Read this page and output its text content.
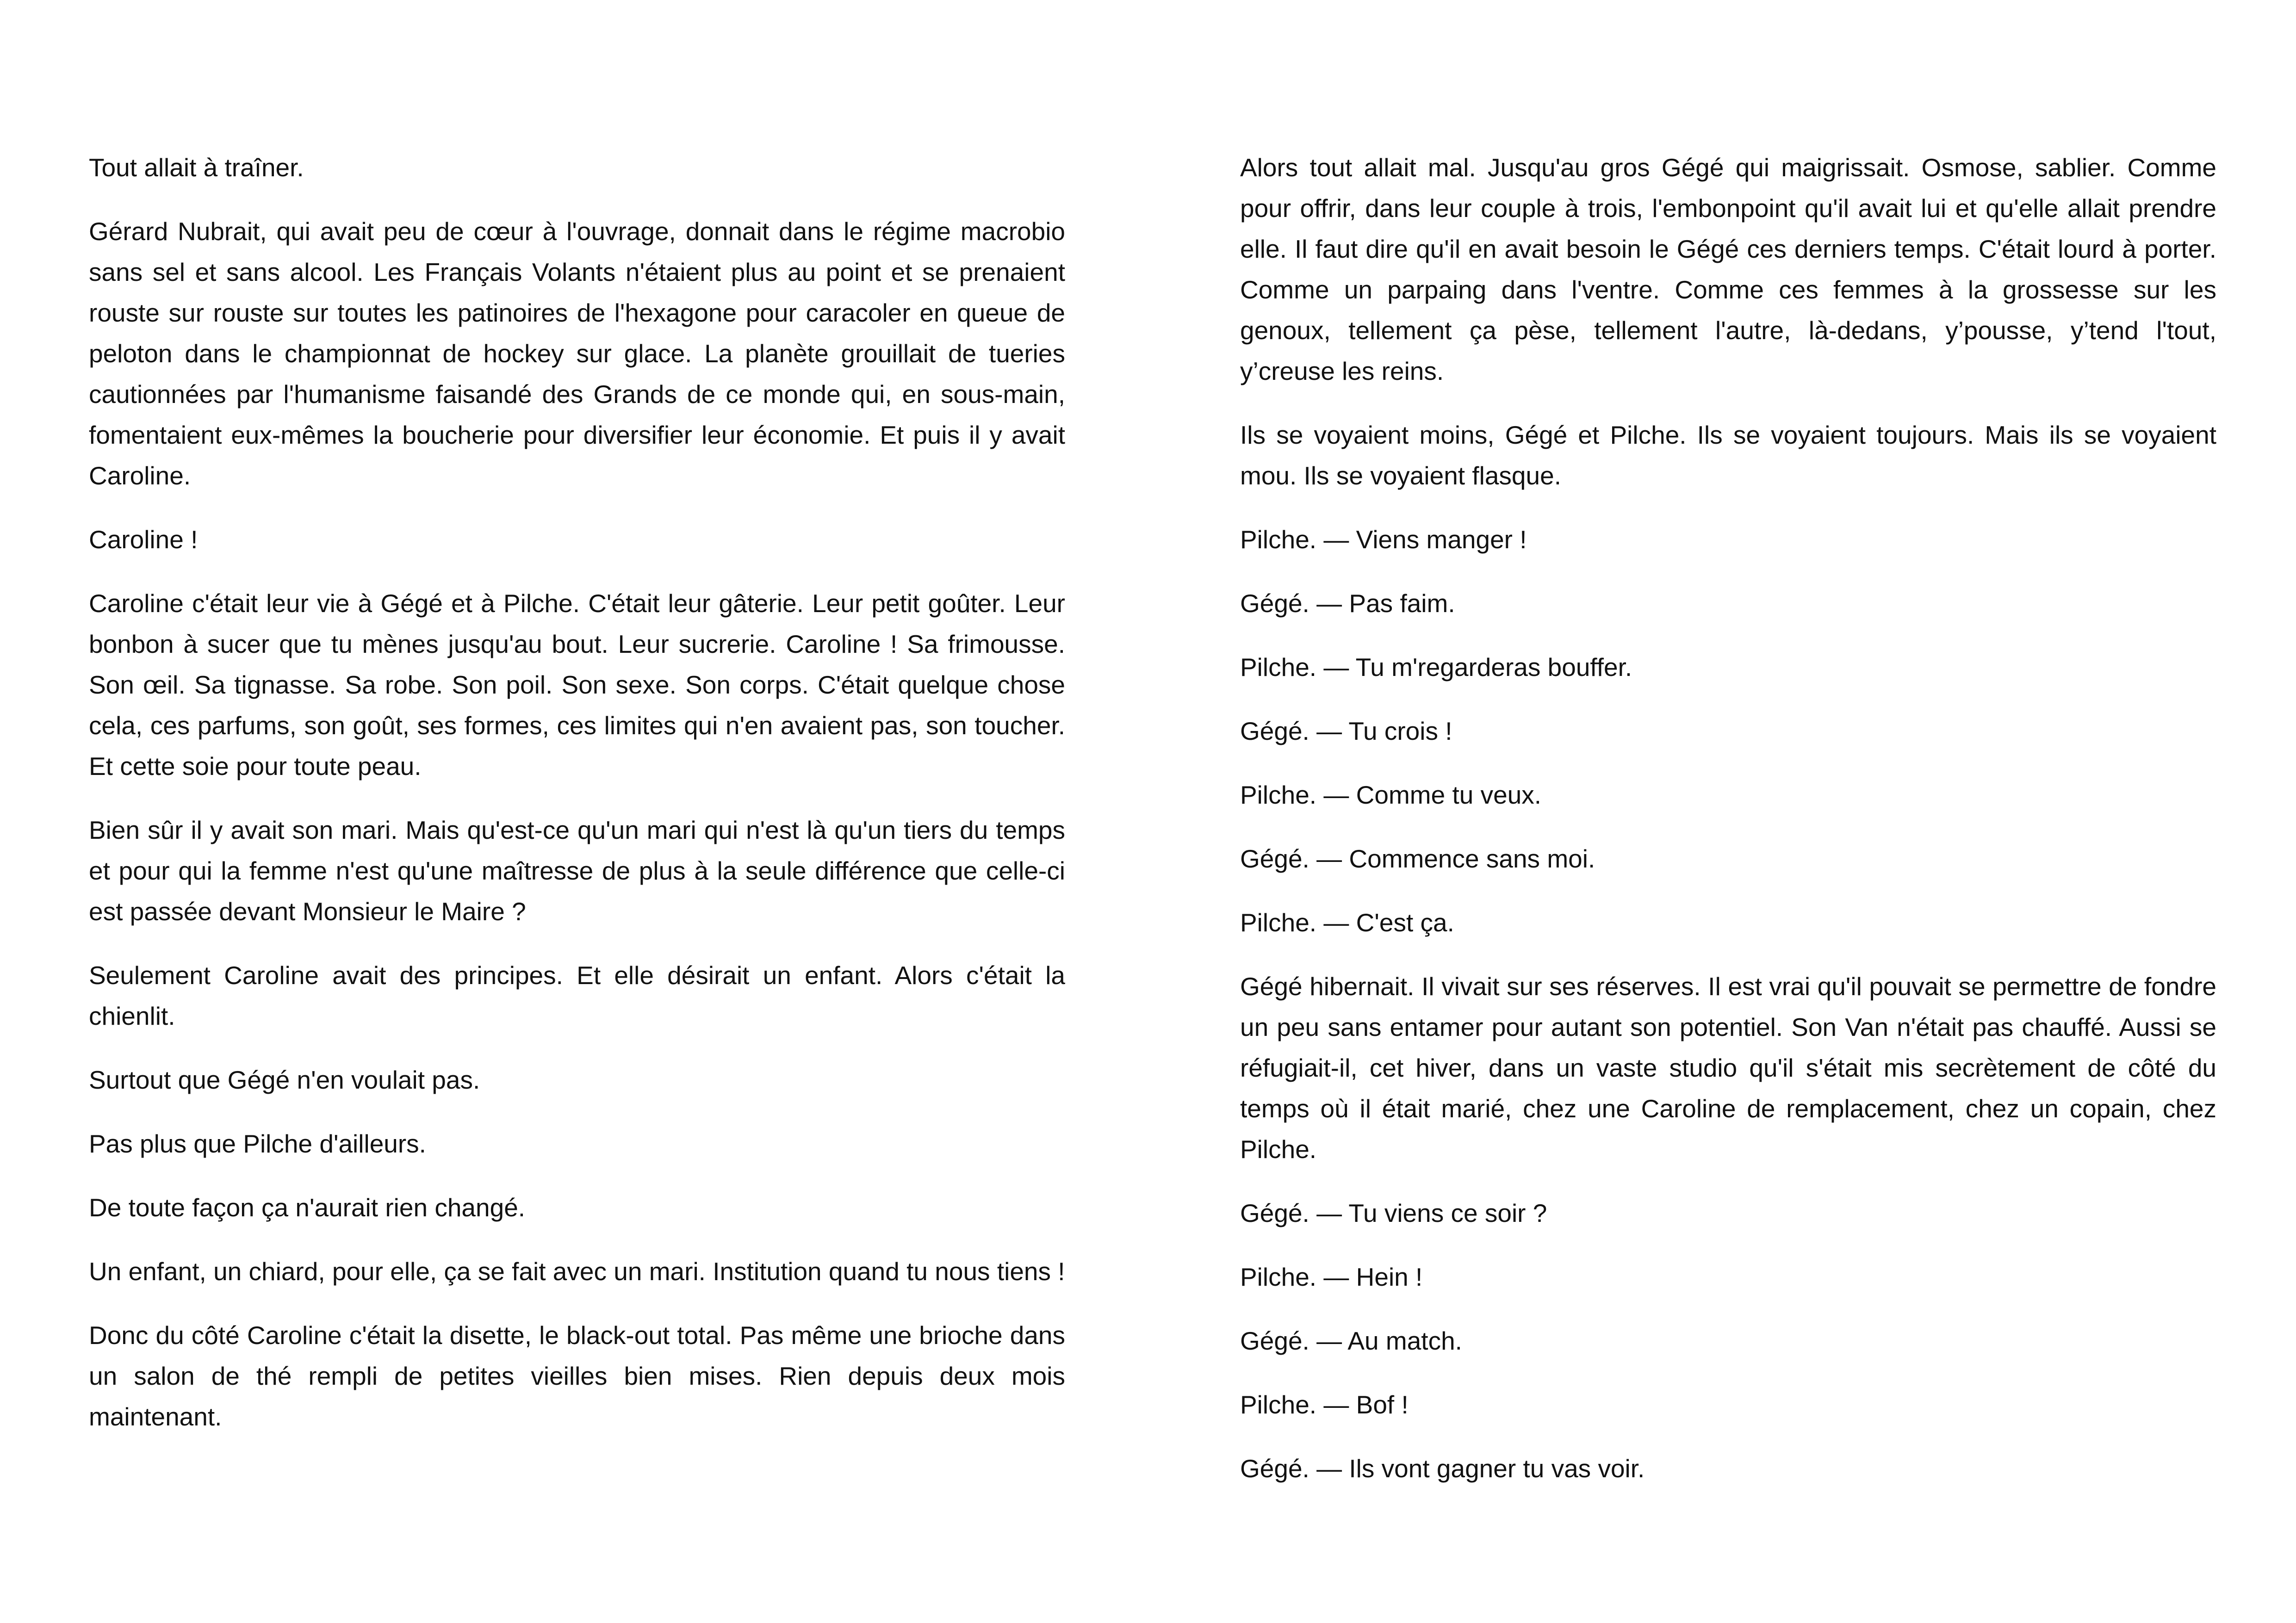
Tout allait à traîner.

Gérard Nubrait, qui avait peu de cœur à l'ouvrage, donnait dans le régime macrobio sans sel et sans alcool. Les Français Volants n'étaient plus au point et se prenaient rouste sur rouste sur toutes les patinoires de l'hexagone pour caracoler en queue de peloton dans le championnat de hockey sur glace. La planète grouillait de tueries cautionnées par l'humanisme faisandé des Grands de ce monde qui, en sous-main, fomentaient eux-mêmes la boucherie pour diversifier leur économie. Et puis il y avait Caroline.

Caroline !

Caroline c'était leur vie à Gégé et à Pilche. C'était leur gâterie. Leur petit goûter. Leur bonbon à sucer que tu mènes jusqu'au bout. Leur sucrerie. Caroline ! Sa frimousse. Son œil. Sa tignasse. Sa robe. Son poil. Son sexe. Son corps. C'était quelque chose cela, ces parfums, son goût, ses formes, ces limites qui n'en avaient pas, son toucher. Et cette soie pour toute peau.

Bien sûr il y avait son mari. Mais qu'est-ce qu'un mari qui n'est là qu'un tiers du temps et pour qui la femme n'est qu'une maîtresse de plus à la seule différence que celle-ci est passée devant Monsieur le Maire ?

Seulement Caroline avait des principes. Et elle désirait un enfant. Alors c'était la chienlit.

Surtout que Gégé n'en voulait pas.

Pas plus que Pilche d'ailleurs.

De toute façon ça n'aurait rien changé.

Un enfant, un chiard, pour elle, ça se fait avec un mari. Institution quand tu nous tiens !

Donc du côté Caroline c'était la disette, le black-out total. Pas même une brioche dans un salon de thé rempli de petites vieilles bien mises. Rien depuis deux mois maintenant.

Alors tout allait mal. Jusqu'au gros Gégé qui maigrissait. Osmose, sablier. Comme pour offrir, dans leur couple à trois, l'embonpoint qu'il avait lui et qu'elle allait prendre elle. Il faut dire qu'il en avait besoin le Gégé ces derniers temps. C'était lourd à porter. Comme un parpaing dans l'ventre. Comme ces femmes à la grossesse sur les genoux, tellement ça pèse, tellement l'autre, là-dedans, y’pousse, y’tend l'tout, y’creuse les reins.

Ils se voyaient moins, Gégé et Pilche. Ils se voyaient toujours. Mais ils se voyaient mou. Ils se voyaient flasque.

Pilche. — Viens manger !

Gégé. — Pas faim.

Pilche. — Tu m'regarderas bouffer.

Gégé. — Tu crois !

Pilche. — Comme tu veux.

Gégé. — Commence sans moi.

Pilche. — C'est ça.

Gégé hibernait. Il vivait sur ses réserves. Il est vrai qu'il pouvait se permettre de fondre un peu sans entamer pour autant son potentiel. Son Van n'était pas chauffé. Aussi se réfugiait-il, cet hiver, dans un vaste studio qu'il s'était mis secrètement de côté du temps où il était marié, chez une Caroline de remplacement, chez un copain, chez Pilche.

Gégé. — Tu viens ce soir ?

Pilche. — Hein !

Gégé. — Au match.

Pilche. — Bof !

Gégé. — Ils vont gagner tu vas voir.
